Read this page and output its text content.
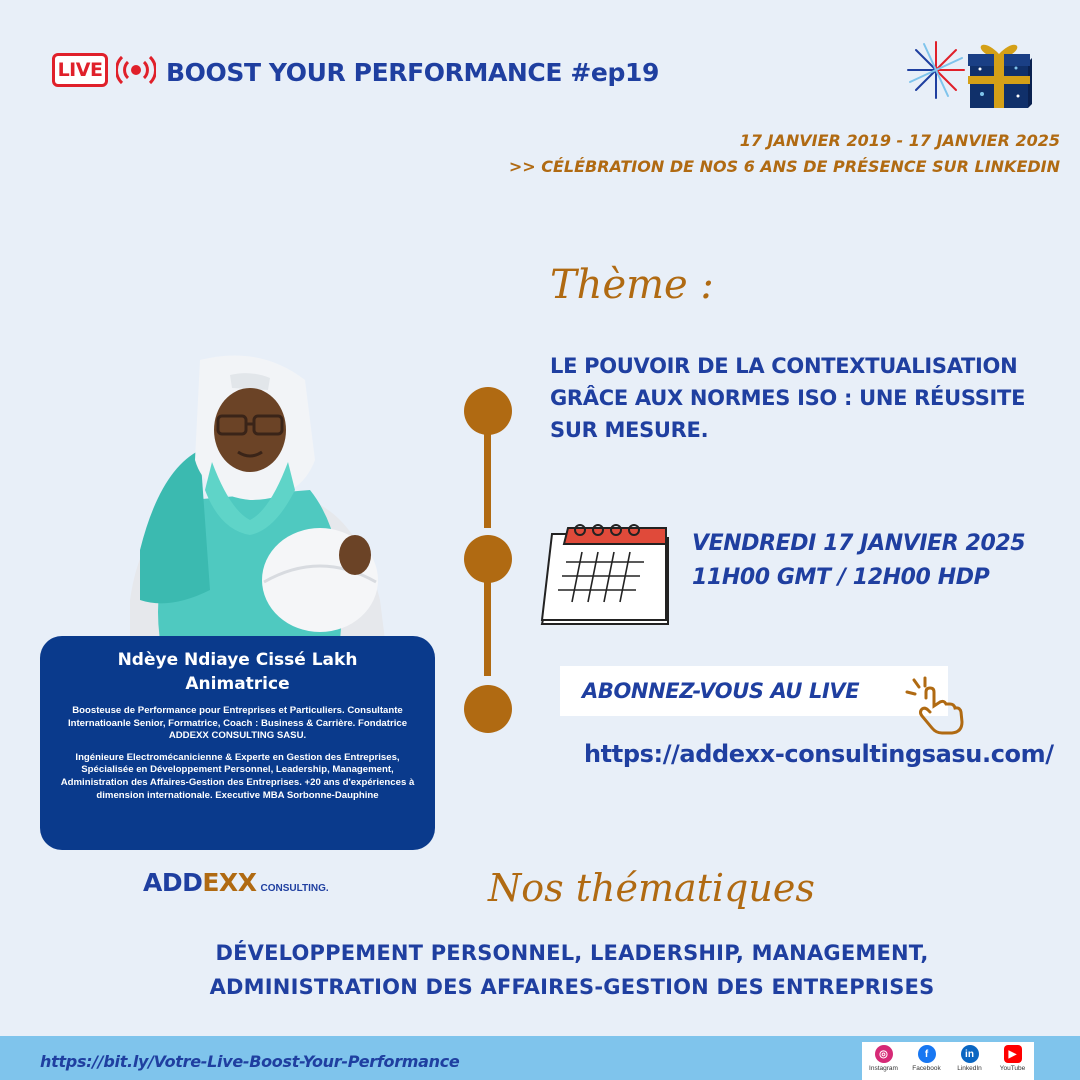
LIVE	BOOST YOUR PERFORMANCE #ep19
17 JANVIER 2019 - 17 JANVIER 2025
>> CÉLÉBRATION DE NOS 6 ANS DE PRÉSENCE SUR LINKEDIN
Thème :
LE POUVOIR DE LA CONTEXTUALISATION GRÂCE AUX NORMES ISO : UNE RÉUSSITE SUR MESURE.
VENDREDI 17 JANVIER 2025
11H00 GMT / 12H00 HDP
ABONNEZ-VOUS AU LIVE
https://addexx-consultingsasu.com/
Ndèye Ndiaye Cissé Lakh
Animatrice
Boosteuse de Performance pour Entreprises et Particuliers. Consultante Internatioanle Senior, Formatrice, Coach : Business & Carrière. Fondatrice ADDEXX CONSULTING SASU.
Ingénieure Electromécanicienne & Experte en Gestion des Entreprises, Spécialisée en Développement Personnel, Leadership, Management, Administration des Affaires-Gestion des Entreprises. +20 ans d'expériences à dimension internationale. Executive MBA Sorbonne-Dauphine
ADD EXX CONSULTING.	Nos thématiques
DÉVELOPPEMENT PERSONNEL, LEADERSHIP, MANAGEMENT,
ADMINISTRATION DES AFFAIRES-GESTION DES ENTREPRISES
https://bit.ly/Votre-Live-Boost-Your-Performance	◎
Instagram
f
Facebook
in
LinkedIn
▶
YouTube
